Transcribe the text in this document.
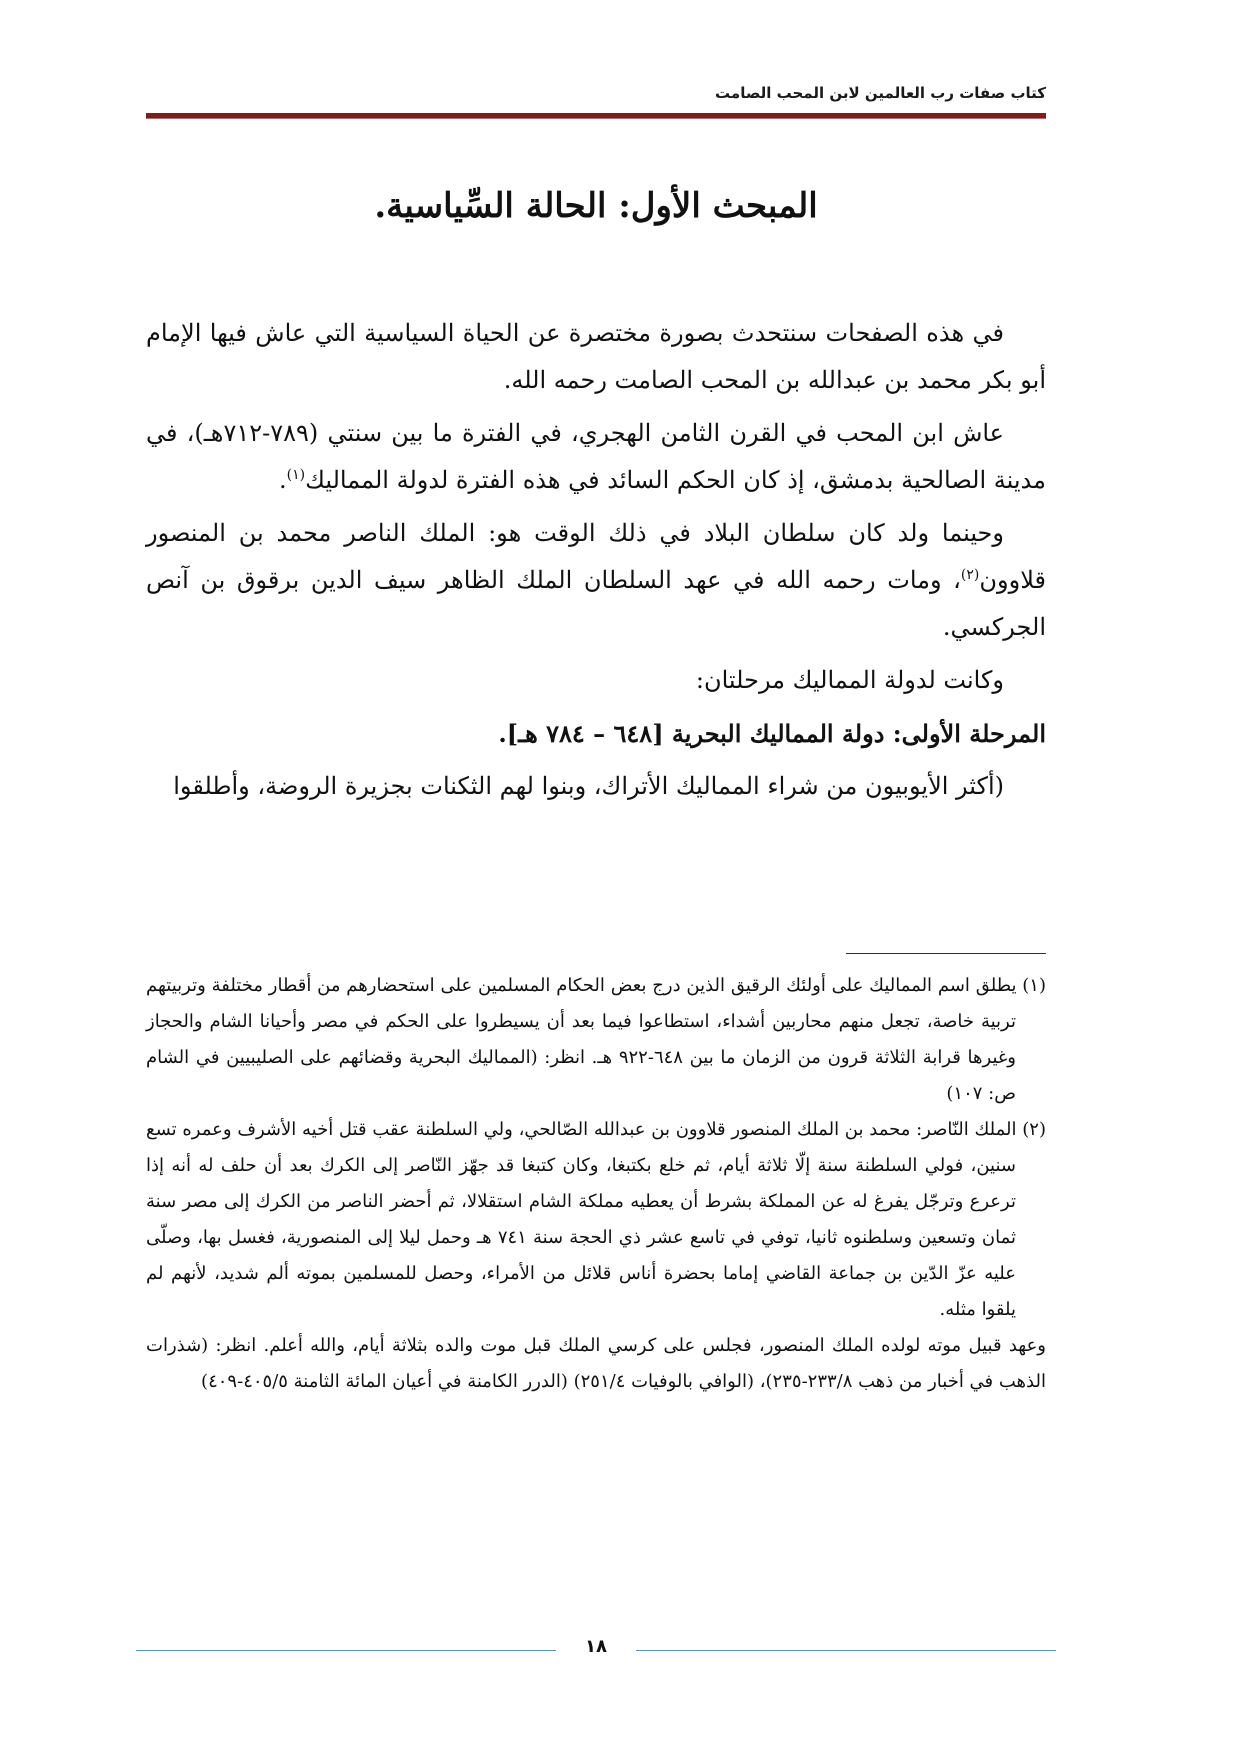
كتاب صفات رب العالمين لابن المحب الصامت
المبحث الأول: الحالة السِّياسية.

في هذه الصفحات سنتحدث بصورة مختصرة عن الحياة السياسية التي عاش فيها الإمام أبو بكر محمد بن عبدالله بن المحب الصامت رحمه الله.

عاش ابن المحب في القرن الثامن الهجري، في الفترة ما بين سنتي (٧٨٩-٧١٢هـ)، في مدينة الصالحية بدمشق، إذ كان الحكم السائد في هذه الفترة لدولة المماليك$^{(١)}$.

وحينما ولد كان سلطان البلاد في ذلك الوقت هو: الملك الناصر محمد بن المنصور قلاوون$^{(٢)}$، ومات رحمه الله في عهد السلطان الملك الظاهر سيف الدين برقوق بن آنص الجركسي.

وكانت لدولة المماليك مرحلتان:

المرحلة الأولى: دولة المماليك البحرية [٦٤٨ – ٧٨٤ هـ].

(أكثر الأيوبيون من شراء المماليك الأتراك، وبنوا لهم الثكنات بجزيرة الروضة، وأطلقوا

(١) يطلق اسم المماليك على أولئك الرقيق الذين درج بعض الحكام المسلمين على استحضارهم من أقطار مختلفة وتربيتهم تربية خاصة، تجعل منهم محاربين أشداء، استطاعوا فيما بعد أن يسيطروا على الحكم في مصر وأحيانا الشام والحجاز وغيرها قرابة الثلاثة قرون من الزمان ما بين ٦٤٨-٩٢٢ هـ. انظر: (المماليك البحرية وقضائهم على الصليبيين في الشام ص: ١٠٧)

(٢) الملك النّاصر: محمد بن الملك المنصور قلاوون بن عبدالله الصّالحي، ولي السلطنة عقب قتل أخيه الأشرف وعمره تسع سنين، فولي السلطنة سنة إلّا ثلاثة أيام، ثم خلع بكتبغا، وكان كتبغا قد جهّز النّاصر إلى الكرك بعد أن حلف له أنه إذا ترعرع وترجّل يفرغ له عن المملكة بشرط أن يعطيه مملكة الشام استقلالا، ثم أحضر الناصر من الكرك إلى مصر سنة ثمان وتسعين وسلطنوه ثانيا، توفي في تاسع عشر ذي الحجة سنة ٧٤١ هـ وحمل ليلا إلى المنصورية، فغسل بها، وصلّى عليه عزّ الدّين بن جماعة القاضي إماما بحضرة أناس قلائل من الأمراء، وحصل للمسلمين بموته ألم شديد، لأنهم لم يلقوا مثله.

وعهد قبيل موته لولده الملك المنصور، فجلس على كرسي الملك قبل موت والده بثلاثة أيام، والله أعلم. انظر: (شذرات الذهب في أخبار من ذهب ٢٣٣/٨-٢٣٥)، (الوافي بالوفيات ٢٥١/٤) (الدرر الكامنة في أعيان المائة الثامنة ٤٠٥/٥-٤٠٩)

١٨
